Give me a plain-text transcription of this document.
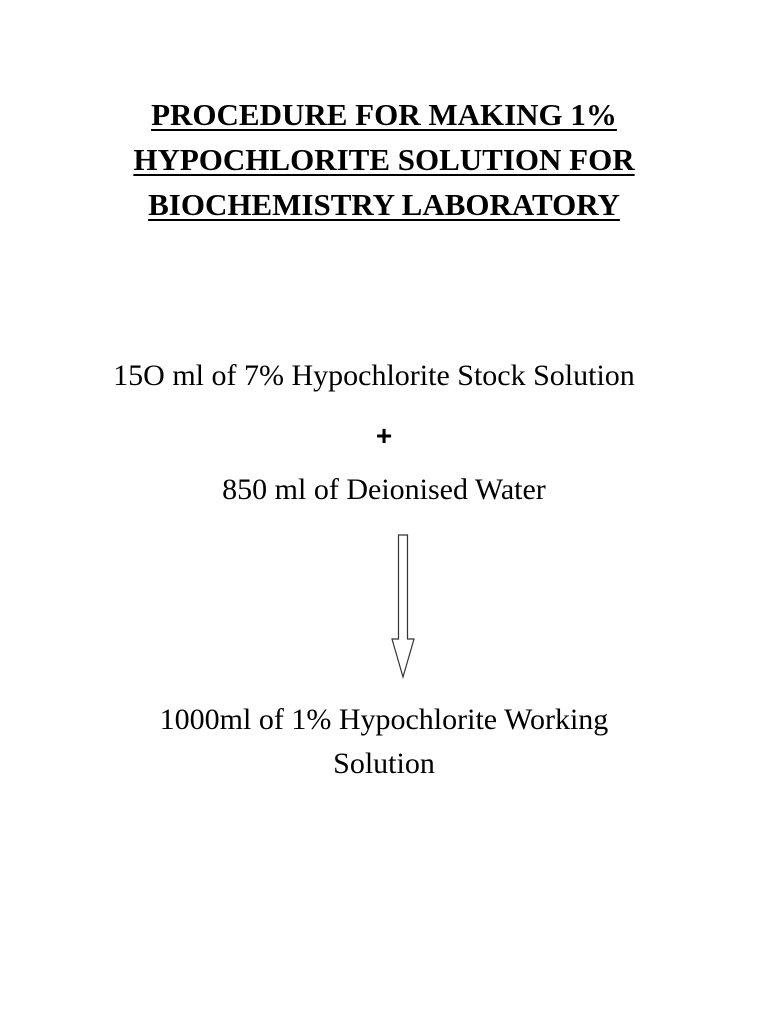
PROCEDURE FOR MAKING 1%
HYPOCHLORITE SOLUTION FOR
BIOCHEMISTRY LABORATORY

15O ml of 7% Hypochlorite Stock Solution

+

850 ml of Deionised Water

1000ml of 1% Hypochlorite Working

Solution
